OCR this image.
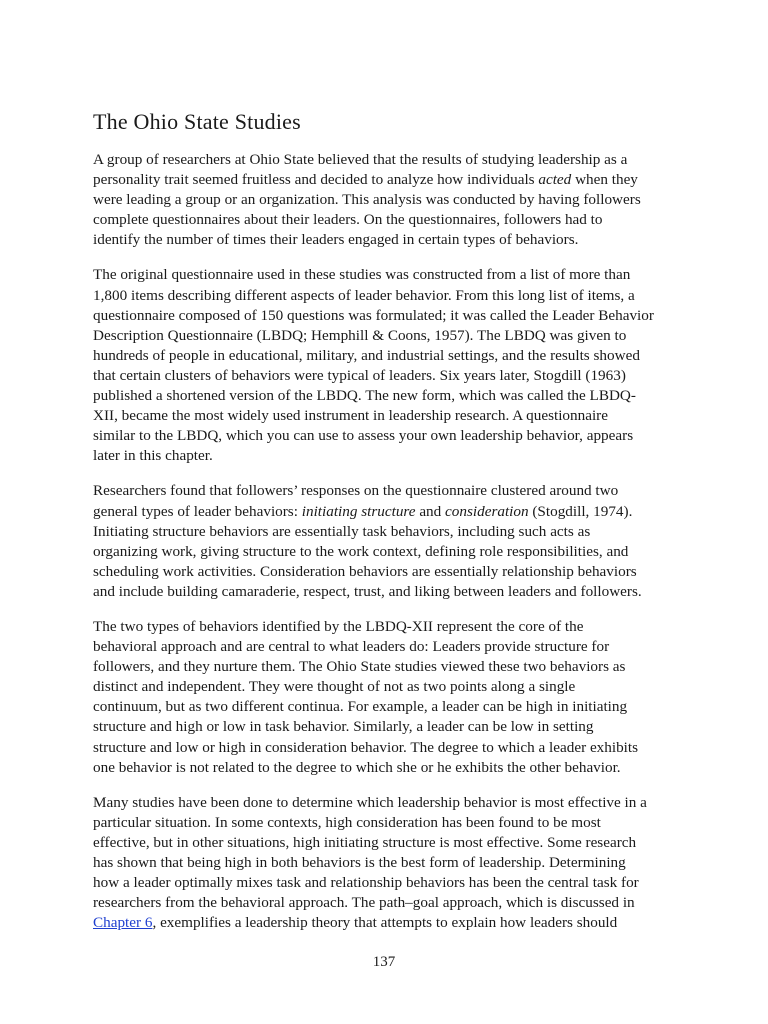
The Ohio State Studies

A group of researchers at Ohio State believed that the results of studying leadership as a
personality trait seemed fruitless and decided to analyze how individuals acted when they
were leading a group or an organization. This analysis was conducted by having followers
complete questionnaires about their leaders. On the questionnaires, followers had to
identify the number of times their leaders engaged in certain types of behaviors.

The original questionnaire used in these studies was constructed from a list of more than
1,800 items describing different aspects of leader behavior. From this long list of items, a
questionnaire composed of 150 questions was formulated; it was called the Leader Behavior
Description Questionnaire (LBDQ; Hemphill & Coons, 1957). The LBDQ was given to
hundreds of people in educational, military, and industrial settings, and the results showed
that certain clusters of behaviors were typical of leaders. Six years later, Stogdill (1963)
published a shortened version of the LBDQ. The new form, which was called the LBDQ-
XII, became the most widely used instrument in leadership research. A questionnaire
similar to the LBDQ, which you can use to assess your own leadership behavior, appears
later in this chapter.

Researchers found that followers’ responses on the questionnaire clustered around two
general types of leader behaviors: initiating structure and consideration (Stogdill, 1974).
Initiating structure behaviors are essentially task behaviors, including such acts as
organizing work, giving structure to the work context, defining role responsibilities, and
scheduling work activities. Consideration behaviors are essentially relationship behaviors
and include building camaraderie, respect, trust, and liking between leaders and followers.

The two types of behaviors identified by the LBDQ-XII represent the core of the
behavioral approach and are central to what leaders do: Leaders provide structure for
followers, and they nurture them. The Ohio State studies viewed these two behaviors as
distinct and independent. They were thought of not as two points along a single
continuum, but as two different continua. For example, a leader can be high in initiating
structure and high or low in task behavior. Similarly, a leader can be low in setting
structure and low or high in consideration behavior. The degree to which a leader exhibits
one behavior is not related to the degree to which she or he exhibits the other behavior.

Many studies have been done to determine which leadership behavior is most effective in a
particular situation. In some contexts, high consideration has been found to be most
effective, but in other situations, high initiating structure is most effective. Some research
has shown that being high in both behaviors is the best form of leadership. Determining
how a leader optimally mixes task and relationship behaviors has been the central task for
researchers from the behavioral approach. The path–goal approach, which is discussed in
Chapter 6, exemplifies a leadership theory that attempts to explain how leaders should

137
